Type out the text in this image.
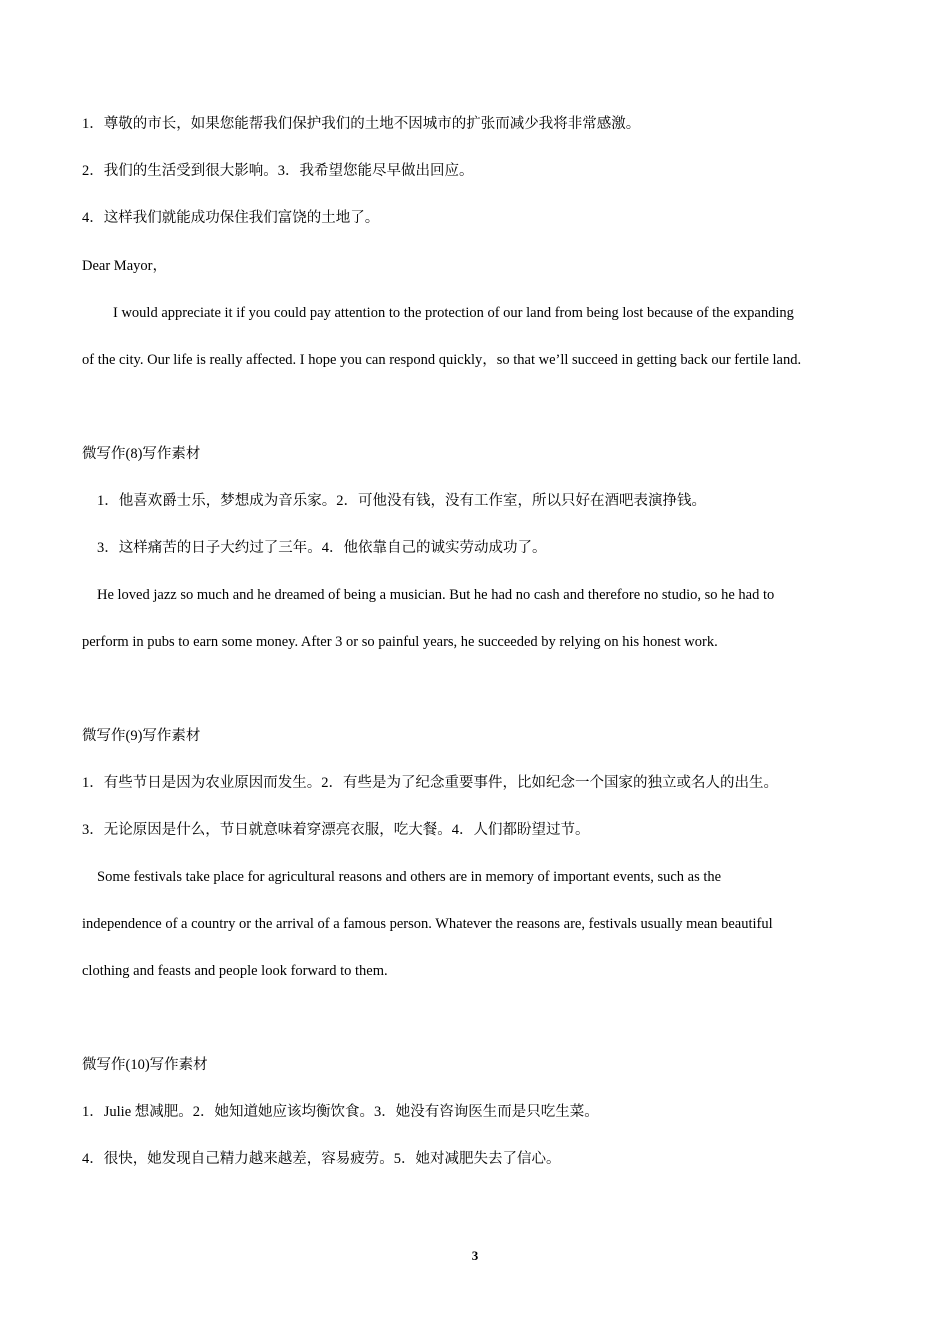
1．尊敬的市长，如果您能帮我们保护我们的土地不因城市的扩张而减少我将非常感激。
2．我们的生活受到很大影响。3．我希望您能尽早做出回应。
4．这样我们就能成功保住我们富饶的土地了。
Dear Mayor，
I would appreciate it if you could pay attention to the protection of our land from being lost because of the expanding
of the city. Our life is really affected. I hope you can respond quickly，so that we’ll succeed in getting back our fertile land.
微写作(8)写作素材
1．他喜欢爵士乐，梦想成为音乐家。2．可他没有钱，没有工作室，所以只好在酒吧表演挣钱。
3．这样痛苦的日子大约过了三年。4．他依靠自己的诚实劳动成功了。
He loved jazz so much and he dreamed of being a musician. But he had no cash and therefore no studio, so he had to
perform in pubs to earn some money. After 3 or so painful years, he succeeded by relying on his honest work.
微写作(9)写作素材
1．有些节日是因为农业原因而发生。2．有些是为了纪念重要事件，比如纪念一个国家的独立或名人的出生。
3．无论原因是什么，节日就意味着穿漂亮衣服，吃大餐。4．人们都盼望过节。
Some festivals take place for agricultural reasons and others are in memory of important events, such as the
independence of a country or the arrival of a famous person. Whatever the reasons are, festivals usually mean beautiful
clothing and feasts and people look forward to them.
微写作(10)写作素材
1．Julie 想减肥。2．她知道她应该均衡饮食。3．她没有咨询医生而是只吃生菜。
4．很快，她发现自己精力越来越差，容易疲劳。5．她对减肥失去了信心。
3
